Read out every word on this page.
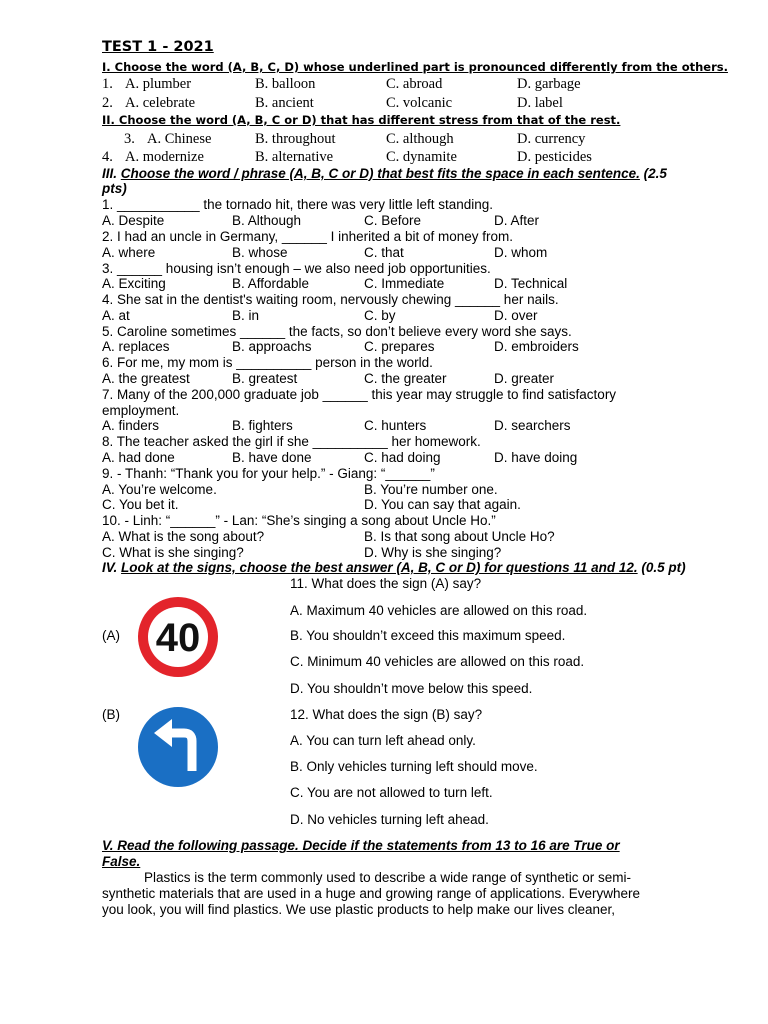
TEST 1 - 2021
I. Choose the word (A, B, C, D) whose underlined part is pronounced differently from the others.
1. A. plumber	B. balloon	C. abroad	D. garbage
2. A. celebrate	B. ancient	C. volcanic	D. label
II. Choose the word (A, B, C or D) that has different stress from that of the rest.
3. A. Chinese	B. throughout	C. although	D. currency
4. A. modernize	B. alternative	C. dynamite	D. pesticides
III. Choose the word / phrase (A, B, C or D) that best fits the space in each sentence. (2.5
pts)
1. ___________ the tornado hit, there was very little left standing.
A. Despite	B. Although	C. Before	D. After
2. I had an uncle in Germany, ______ I inherited a bit of money from.
A. where	B. whose	C. that	D. whom
3. ______ housing isn’t enough – we also need job opportunities.
A. Exciting	B. Affordable	C. Immediate	D. Technical
4. She sat in the dentist's waiting room, nervously chewing ______ her nails.
A. at	B. in	C. by	D. over
5. Caroline sometimes ______ the facts, so don’t believe every word she says.
A. replaces	B. approachs	C. prepares	D. embroiders
6. For me, my mom is __________ person in the world.
A. the greatest	B. greatest	C. the greater	D. greater
7. Many of the 200,000 graduate job ______ this year may struggle to find satisfactory
employment.
A. finders	B. fighters	C. hunters	D. searchers
8. The teacher asked the girl if she __________ her homework.
A. had done	B. have done	C. had doing	D. have doing
9. - Thanh: “Thank you for your help.” - Giang: “______”
A. You’re welcome.	B. You’re number one.
C. You bet it.	D. You can say that again.
10. - Linh: “______” - Lan: “She’s singing a song about Uncle Ho.”
A. What is the song about?	B. Is that song about Uncle Ho?
C. What is she singing?	D. Why is she singing?
IV. Look at the signs, choose the best answer (A, B, C or D) for questions 11 and 12. (0.5 pt)
(A) 40
(B)
11. What does the sign (A) say?
A. Maximum 40 vehicles are allowed on this road.
B. You shouldn’t exceed this maximum speed.
C. Minimum 40 vehicles are allowed on this road.
D. You shouldn’t move below this speed.
12. What does the sign (B) say?
A. You can turn left ahead only.
B. Only vehicles turning left should move.
C. You are not allowed to turn left.
D. No vehicles turning left ahead.
V. Read the following passage. Decide if the statements from 13 to 16 are True or
False.
Plastics is the term commonly used to describe a wide range of synthetic or semi-
synthetic materials that are used in a huge and growing range of applications. Everywhere
you look, you will find plastics. We use plastic products to help make our lives cleaner,
